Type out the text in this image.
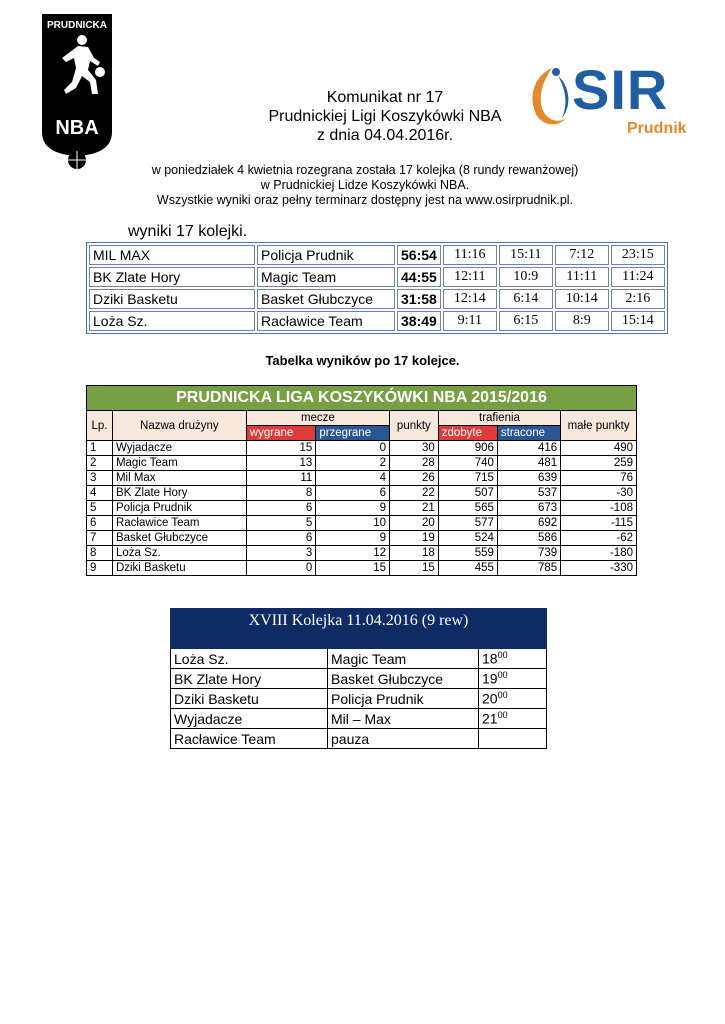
PRUDNICKA
NBA
SIR
Prudnik
Komunikat nr 17
Prudnickiej Ligi Koszykówki NBA
z dnia 04.04.2016r.
w poniedziałek 4 kwietnia rozegrana została 17 kolejka (8 rundy rewanżowej)
w Prudnickiej Lidze Koszykówki NBA.
Wszystkie wyniki oraz pełny terminarz dostępny jest na www.osirprudnik.pl.
wyniki 17 kolejki.
MIL MAX	Policja Prudnik	56:54	11:16	15:11	7:12	23:15
BK Zlate Hory	Magic Team	44:55	12:11	10:9	11:11	11:24
Dziki Basketu	Basket Głubczyce	31:58	12:14	6:14	10:14	2:16
Loża Sz.	Racławice Team	38:49	9:11	6:15	8:9	15:14
Tabelka wyników po 17 kolejce.
PRUDNICKA LIGA KOSZYKÓWKI NBA 2015/2016							
Lp.	Nazwa drużyny	mecze		punkty	trafienia		małe punkty
		wygrane	przegrane		zdobyte	stracone	
1	Wyjadacze	15	0	30	906	416	490
2	Magic Team	13	2	28	740	481	259
3	Mil Max	11	4	26	715	639	76
4	BK Zlate Hory	8	6	22	507	537	-30
5	Policja Prudnik	6	9	21	565	673	-108
6	Racławice Team	5	10	20	577	692	-115
7	Basket Głubczyce	6	9	19	524	586	-62
8	Loża Sz.	3	12	18	559	739	-180
9	Dziki Basketu	0	15	15	455	785	-330
XVIII Kolejka 11.04.2016 (9 rew)		

Loża Sz.	Magic Team	$18^{00}$
BK Zlate Hory	Basket Głubczyce	$19^{00}$
Dziki Basketu	Policja Prudnik	$20^{00}$
Wyjadacze	Mil – Max	$21^{00}$
Racławice Team	pauza	
